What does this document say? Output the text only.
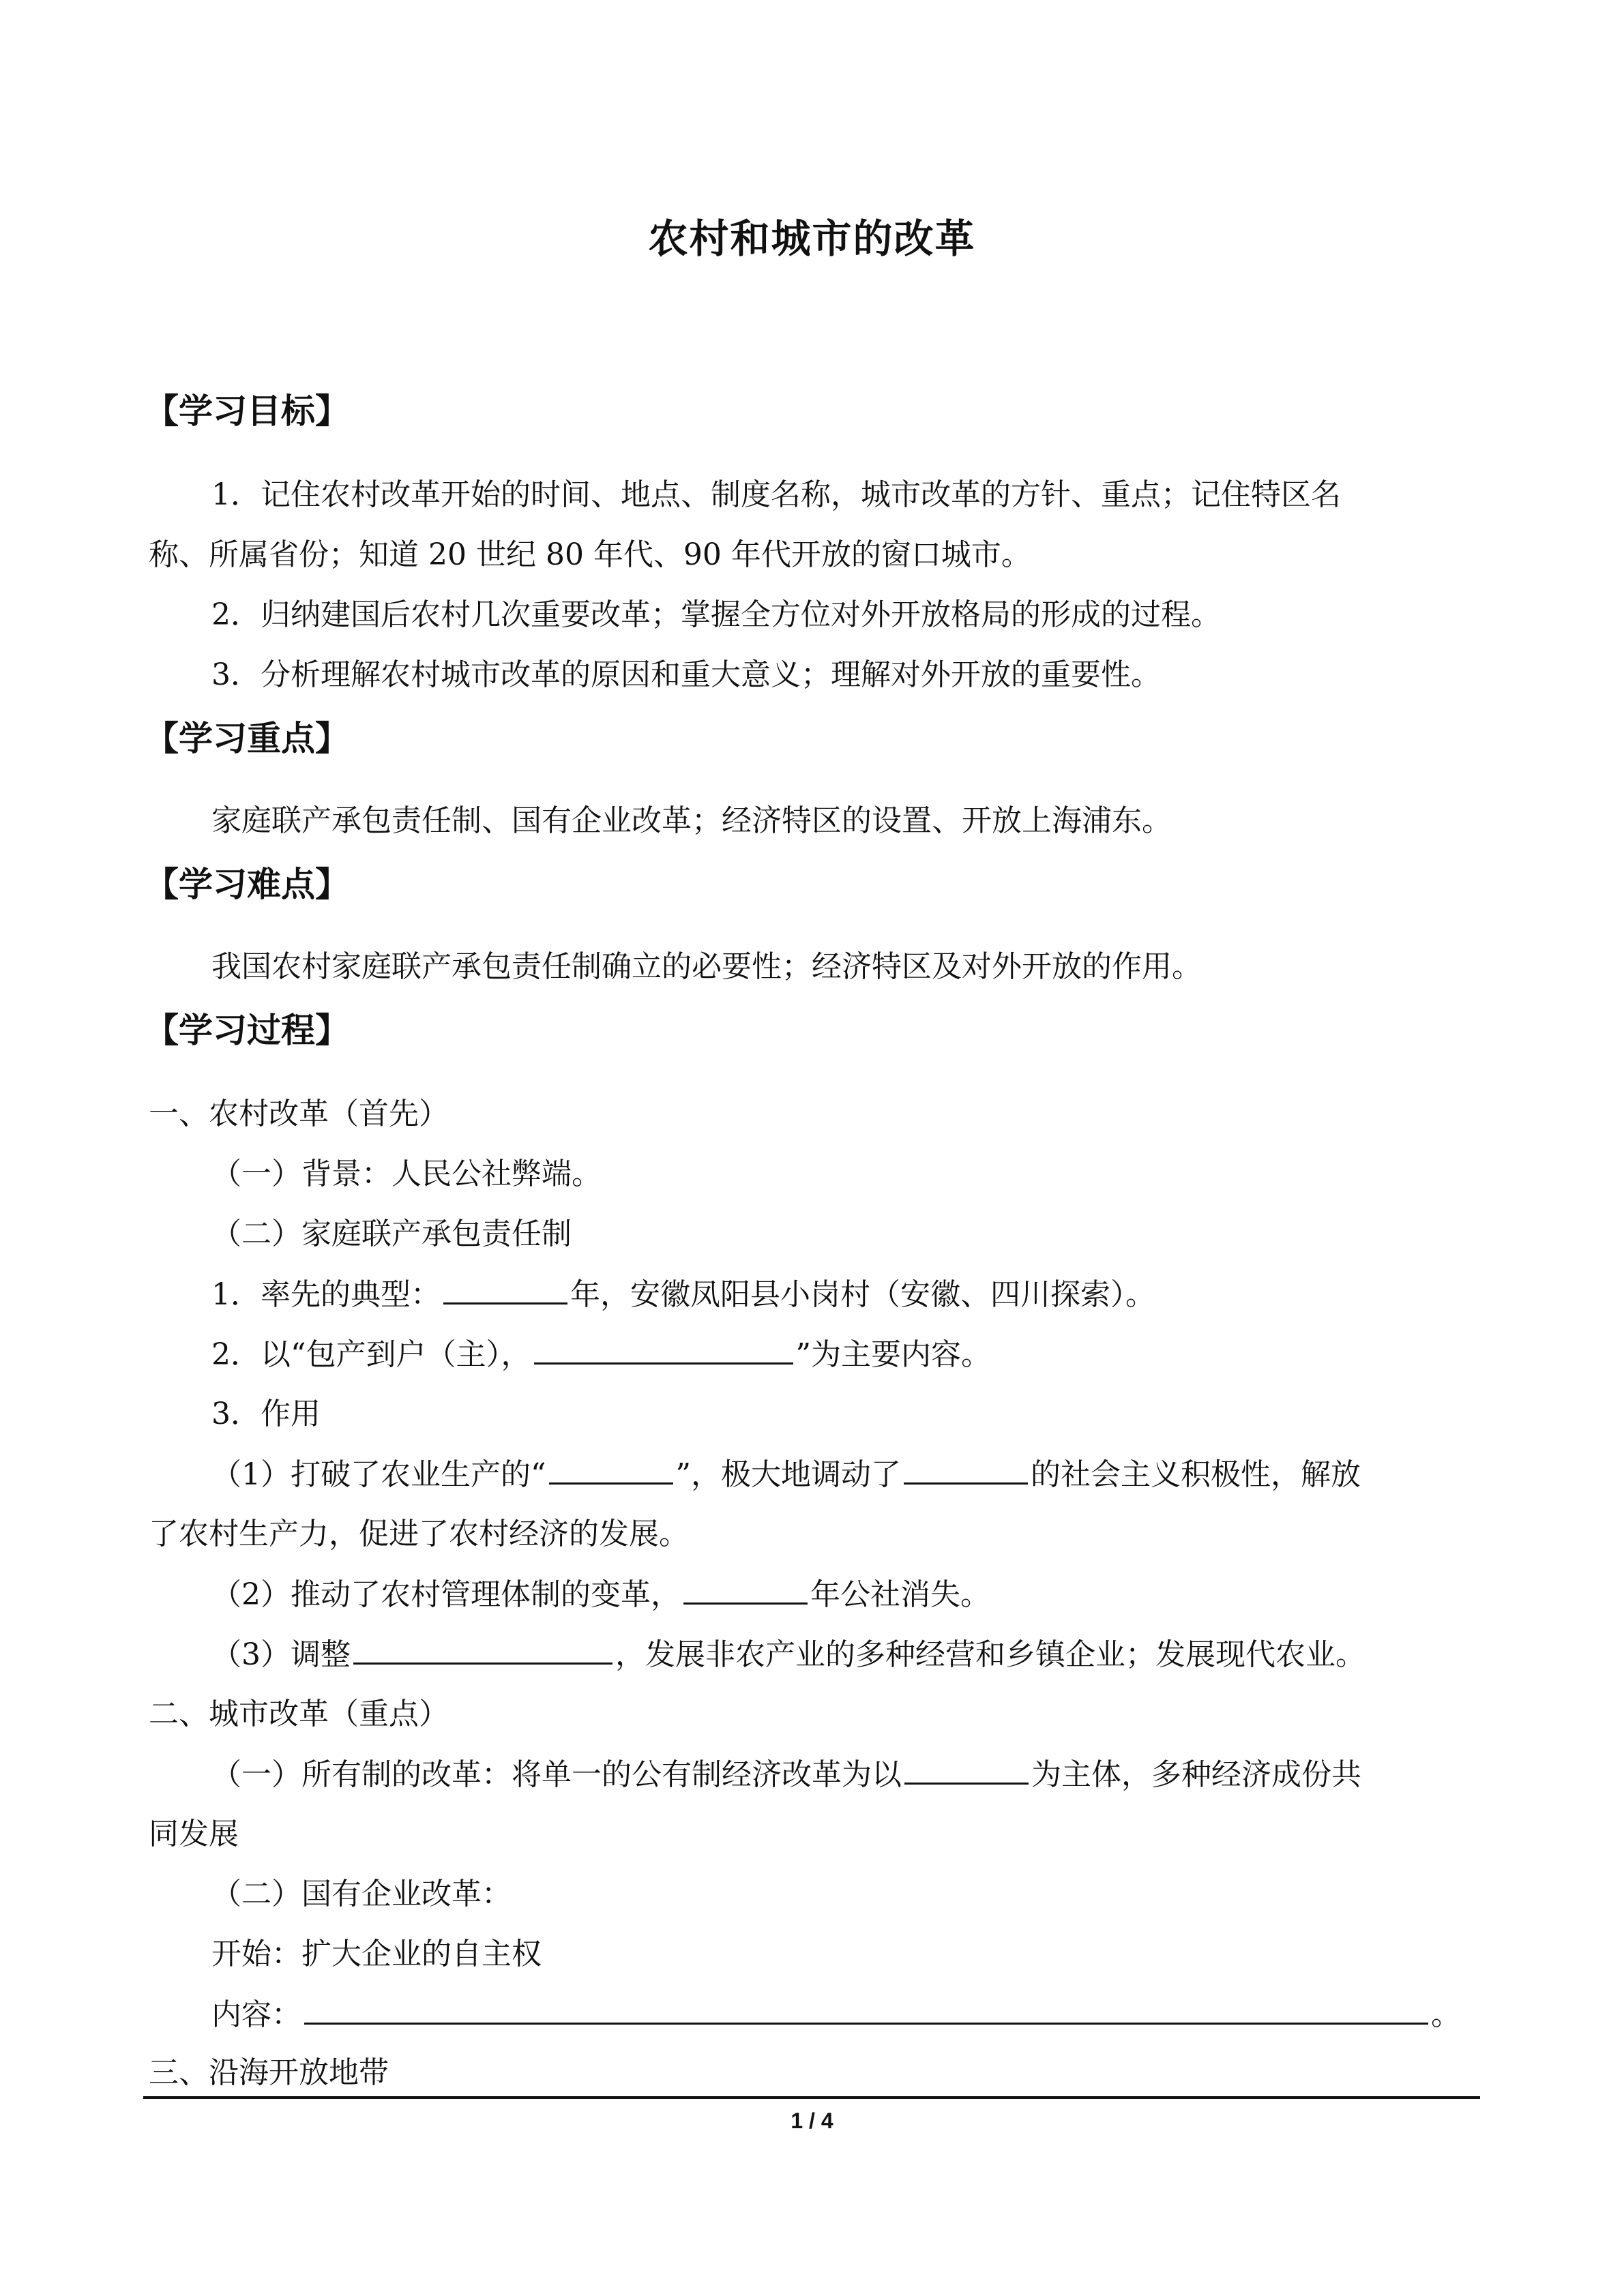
农村和城市的改革
【学习目标】
1．记住农村改革开始的时间、地点、制度名称，城市改革的方针、重点；记住特区名
称、所属省份；知道 20 世纪 80 年代、90 年代开放的窗口城市。
2．归纳建国后农村几次重要改革；掌握全方位对外开放格局的形成的过程。
3．分析理解农村城市改革的原因和重大意义；理解对外开放的重要性。
【学习重点】
家庭联产承包责任制、国有企业改革；经济特区的设置、开放上海浦东。
【学习难点】
我国农村家庭联产承包责任制确立的必要性；经济特区及对外开放的作用。
【学习过程】
一、农村改革（首先）
（一）背景：人民公社弊端。
（二）家庭联产承包责任制
1．率先的典型：	年，安徽凤阳县小岗村（安徽、四川探索）。
2．以“包产到户（主），	”为主要内容。
3．作用
（1）打破了农业生产的“	”，极大地调动了	的社会主义积极性，解放
了农村生产力，促进了农村经济的发展。
（2）推动了农村管理体制的变革，	年公社消失。
（3）调整	，发展非农产业的多种经营和乡镇企业；发展现代农业。
二、城市改革（重点）
（一）所有制的改革：将单一的公有制经济改革为以	为主体，多种经济成份共
同发展
（二）国有企业改革：
开始：扩大企业的自主权
内容：	。
三、沿海开放地带
1 / 4
